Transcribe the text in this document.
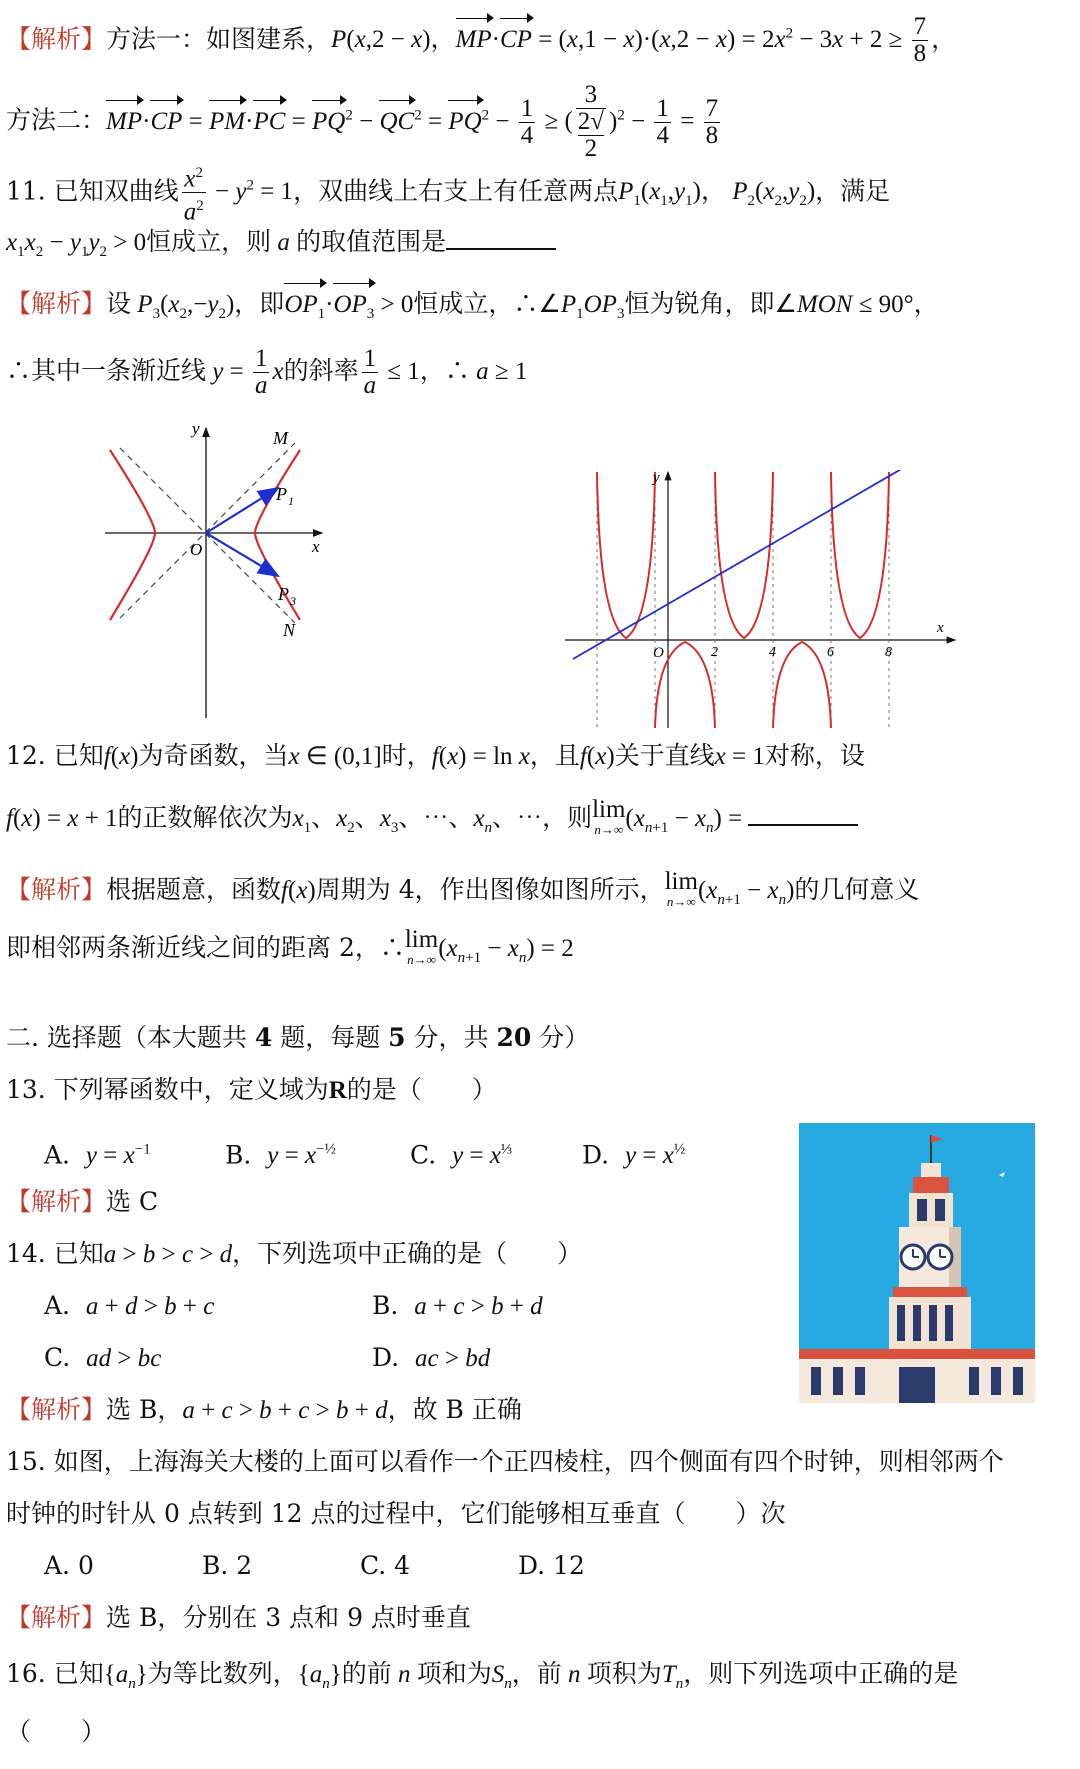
【解析】方法一：如图建系，P(x,2 − x)，$MP\cdot CP = (x,1 - x)\cdot(x,2 - x) = 2x^2 - 3x + 2 \ge \frac{7}{8}$ ，
方法二：$MP\cdot CP = PM\cdot PC = PQ^2 - QC^2 = PQ^2 - \frac{1}{4}$ ≥ ( 3
2√
2 )$^2 - \frac{1}{4} = \frac{7}{8}$
11. 已知双曲线 $\frac{x^2}{a^2} - y^2 = 1$，双曲线上右支上有任意两点$P_1(x_1,y_1)$， $P_2(x_2,y_2)$，满足
$x_1x_2 - y_1y_2 > 0$恒成立，则 a 的取值范围是
【解析】设 $P_3(x_2,-y_2)$，即$OP_1\cdot OP_3 > 0$恒成立，$\therefore\angle P_1OP_3$恒为锐角，即∠MON ≤ 90°，
∴其中一条渐近线 $y = \frac{1}{a}$ x的斜率 $\frac{1}{a} \le 1$，∴ a ≥ 1
y
x
O
M
N
P 1
P 3
y
x
O	2	4	6	8
12. 已知f(x)为奇函数，当x ∈ (0,1]时，f(x) = ln x，且f(x)关于直线x = 1对称，设
f(x) = x + 1的正数解依次为$x_1$、$x_2$、$x_3$、⋯、$x_n$、⋯，则lim
n→∞ $(x_{n+1} - x_n)$ =
【解析】根据题意，函数f(x)周期为 4，作出图像如图所示，lim
n→∞ $(x_{n+1} - x_n)$的几何意义
即相邻两条渐近线之间的距离 2，∴lim
n→∞ $(x_{n+1} - x_n) = 2$
二. 选择题（本大题共 4 题，每题 5 分，共 20 分）
13. 下列幂函数中，定义域为R的是（　　）
A. $y = x^{-1}$	B. $y = x^{-\frac{1}{2}}$	C. $y = x^{\frac{1}{3}}$	D. $y = x^{\frac{1}{2}}$
【解析】选 C
14. 已知a > b > c > d，下列选项中正确的是（　　）
A. a + d > b + c	B. a + c > b + d
C. ad > bc	D. ac > bd
【解析】选 B，a + c > b + c > b + d，故 B 正确
15. 如图，上海海关大楼的上面可以看作一个正四棱柱，四个侧面有四个时钟，则相邻两个
时钟的时针从 0 点转到 12 点的过程中，它们能够相互垂直（　　）次
A. 0	B. 2	C. 4	D. 12
【解析】选 B，分别在 3 点和 9 点时垂直
16. 已知$\{a_n\}$为等比数列，$\{a_n\}$的前 n 项和为$S_n$，前 n 项积为$T_n$，则下列选项中正确的是
（　　）
